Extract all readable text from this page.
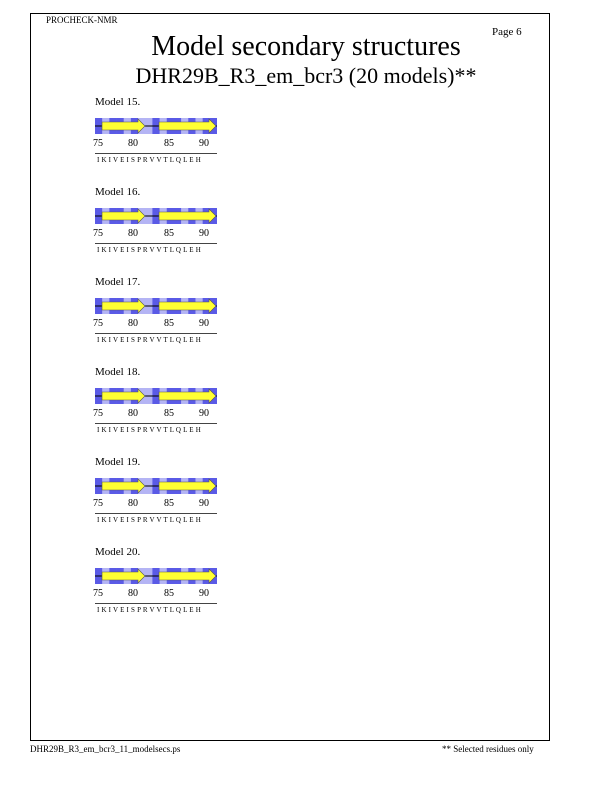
PROCHECK-NMR
Page 6
Model secondary structures
DHR29B_R3_em_bcr3 (20 models)**
Model 15.
75	80	85	90
I K I V E I S P R V V T L Q L E H
Model 16.
75	80	85	90
I K I V E I S P R V V T L Q L E H
Model 17.
75	80	85	90
I K I V E I S P R V V T L Q L E H
Model 18.
75	80	85	90
I K I V E I S P R V V T L Q L E H
Model 19.
75	80	85	90
I K I V E I S P R V V T L Q L E H
Model 20.
75	80	85	90
I K I V E I S P R V V T L Q L E H
DHR29B_R3_em_bcr3_11_modelsecs.ps	** Selected residues only
